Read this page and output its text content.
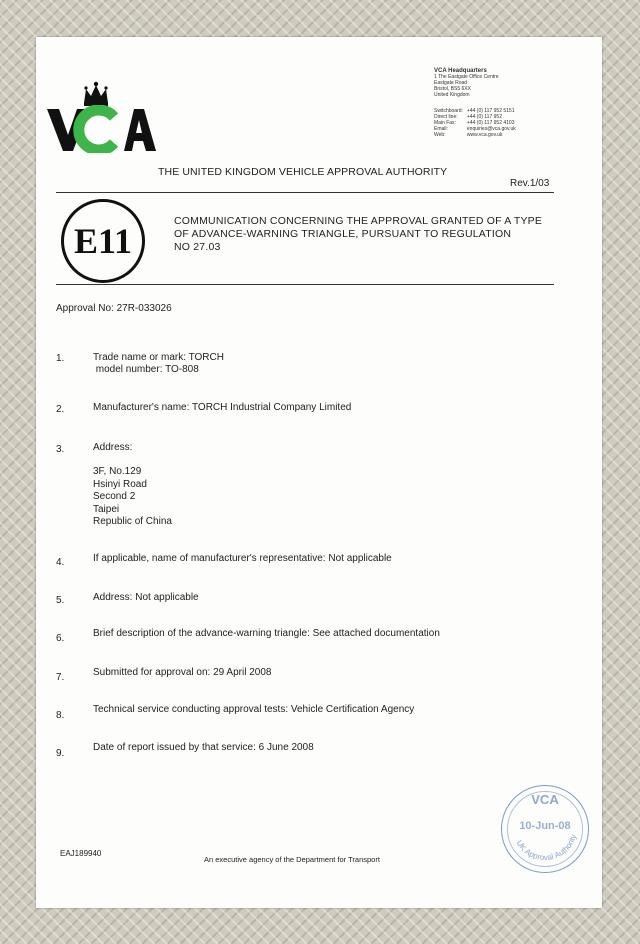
VCA Headquarters
1 The Eastgate Office Centre
Eastgate Road
Bristol, BS5 6XX
United Kingdom
Switchboard:	+44 (0) 117 952 5151
Direct line:	+44 (0) 117 952
Main Fax:	+44 (0) 117 952 4103
Email:	enquiries@vca.gov.uk
Web:	www.vca.gov.uk
THE UNITED KINGDOM VEHICLE APPROVAL AUTHORITY
Rev.1/03
E11	COMMUNICATION CONCERNING THE APPROVAL GRANTED OF A TYPE
OF ADVANCE-WARNING TRIANGLE, PURSUANT TO REGULATION
NO 27.03
Approval No: 27R-033026
1.	Trade name or mark: TORCH
model number: TO-808
2.	Manufacturer's name: TORCH Industrial Company Limited
3.	Address:
3F, No.129
Hsinyi Road
Second 2
Taipei
Republic of China
4.	If applicable, name of manufacturer's representative: Not applicable
5.	Address: Not applicable
6.	Brief description of the advance-warning triangle: See attached documentation
7.	Submitted for approval on: 29 April 2008
8.
Technical service conducting approval tests: Vehicle Certification Agency
9.
Date of report issued by that service: 6 June 2008
VCA
10-Jun-08
UK Approval Authority
EAJ189940
An executive agency of the Department for Transport
